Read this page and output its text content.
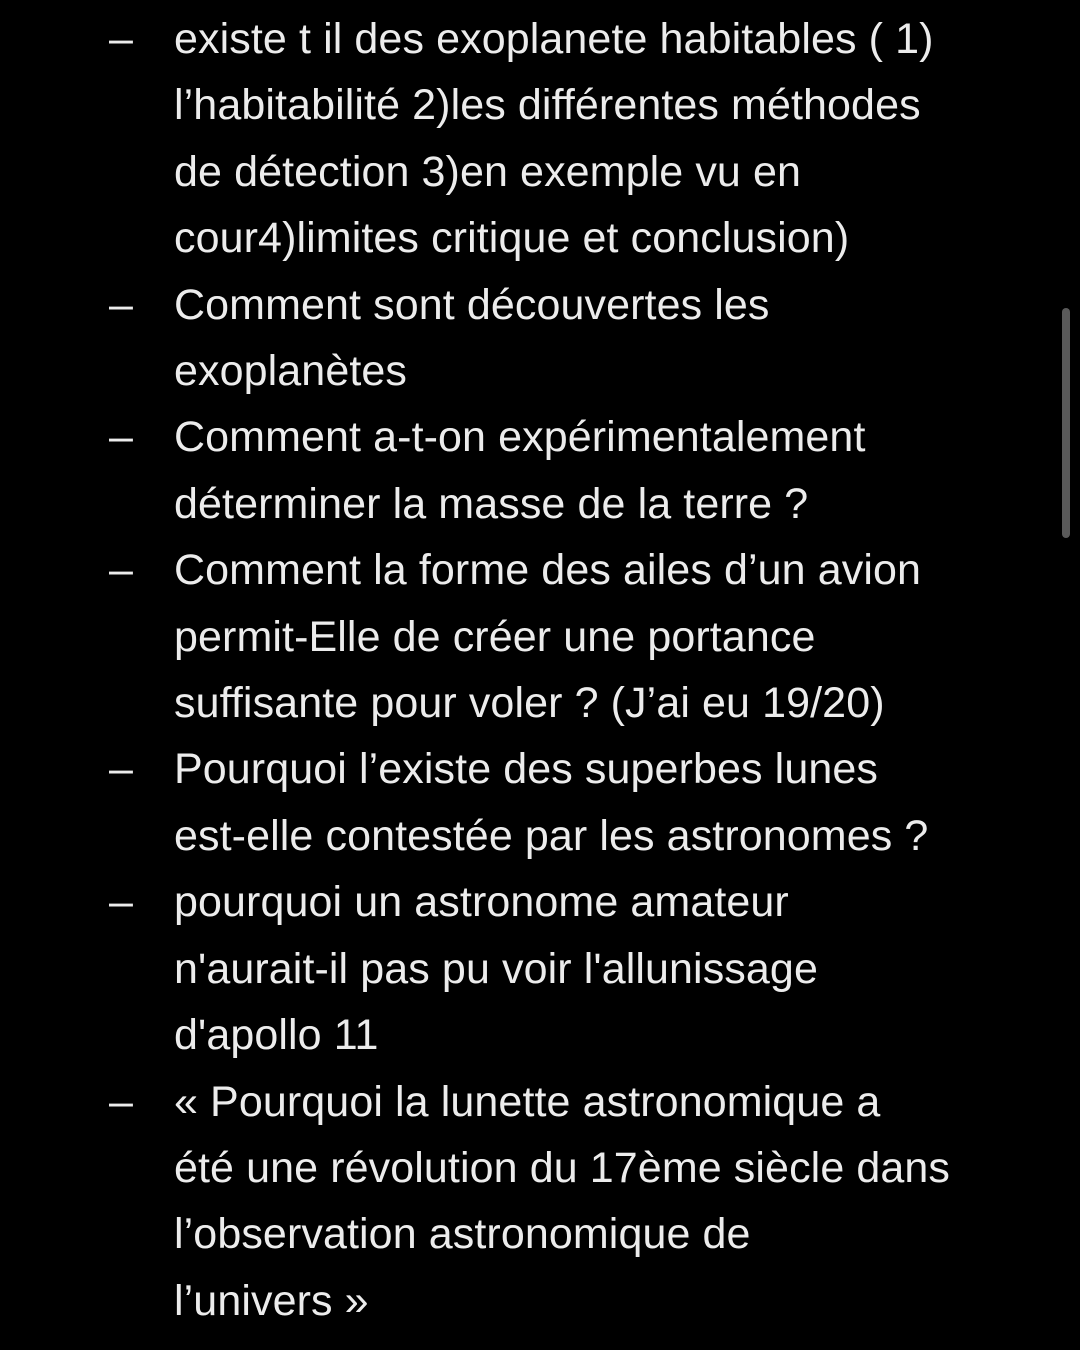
– existe t il des exoplanete habitables ( 1)
l’habitabilité 2)les différentes méthodes
de détection 3)en exemple vu en
cour4)limites critique et conclusion)
– Comment sont découvertes les
exoplanètes
– Comment a-t-on expérimentalement
déterminer la masse de la terre ?
– Comment la forme des ailes d’un avion
permit-Elle de créer une portance
suffisante pour voler ? (J’ai eu 19/20)
– Pourquoi l’existe des superbes lunes
est-elle contestée par les astronomes ?
– pourquoi un astronome amateur
n'aurait-il pas pu voir l'allunissage
d'apollo 11
– « Pourquoi la lunette astronomique a
été une révolution du 17ème siècle dans
l’observation astronomique de
l’univers »
